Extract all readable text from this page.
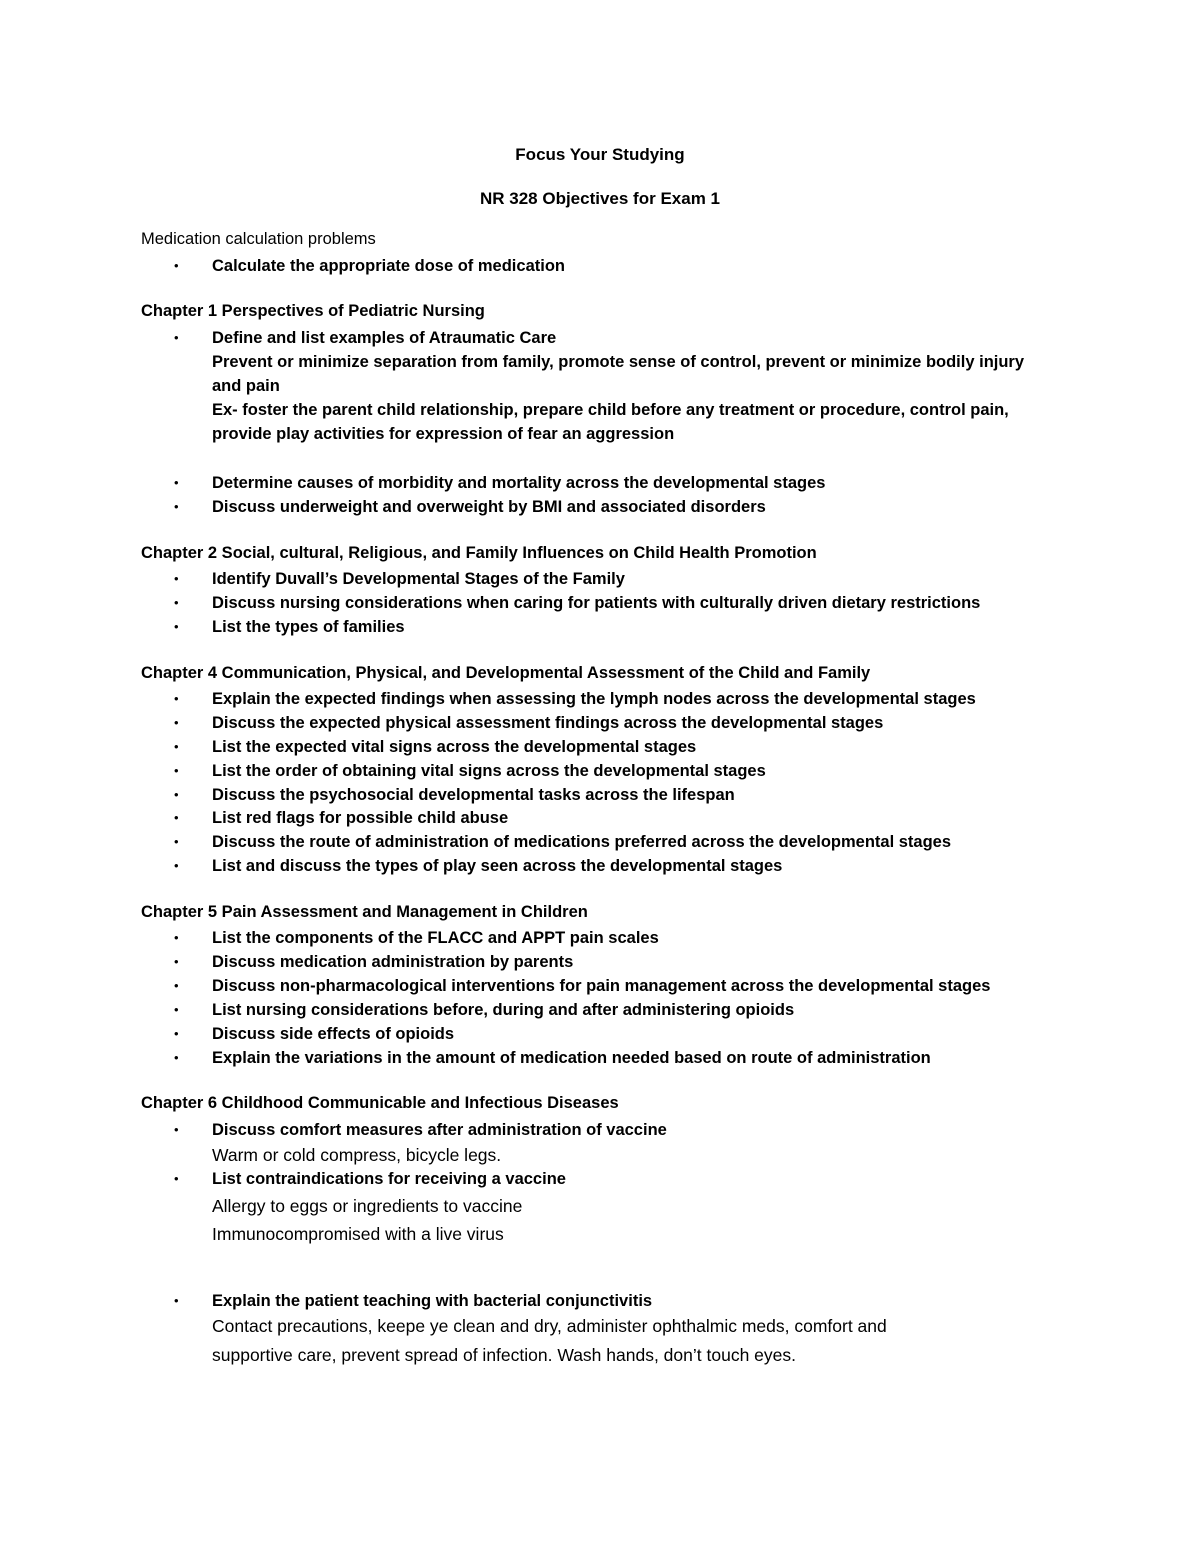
Focus Your Studying
NR 328 Objectives for Exam 1
Medication calculation problems
• Calculate the appropriate dose of medication
Chapter 1 Perspectives of Pediatric Nursing
• Define and list examples of Atraumatic Care
Prevent or minimize separation from family, promote sense of control, prevent or minimize bodily injury
and pain
Ex- foster the parent child relationship, prepare child before any treatment or procedure, control pain,
provide play activities for expression of fear an aggression
• Determine causes of morbidity and mortality across the developmental stages
• Discuss underweight and overweight by BMI and associated disorders
Chapter 2 Social, cultural, Religious, and Family Influences on Child Health Promotion
• Identify Duvall’s Developmental Stages of the Family
• Discuss nursing considerations when caring for patients with culturally driven dietary restrictions
• List the types of families
Chapter 4 Communication, Physical, and Developmental Assessment of the Child and Family
• Explain the expected findings when assessing the lymph nodes across the developmental stages
• Discuss the expected physical assessment findings across the developmental stages
• List the expected vital signs across the developmental stages
• List the order of obtaining vital signs across the developmental stages
• Discuss the psychosocial developmental tasks across the lifespan
• List red flags for possible child abuse
• Discuss the route of administration of medications preferred across the developmental stages
• List and discuss the types of play seen across the developmental stages
Chapter 5 Pain Assessment and Management in Children
• List the components of the FLACC and APPT pain scales
• Discuss medication administration by parents
• Discuss non-pharmacological interventions for pain management across the developmental stages
• List nursing considerations before, during and after administering opioids
• Discuss side effects of opioids
• Explain the variations in the amount of medication needed based on route of administration
Chapter 6 Childhood Communicable and Infectious Diseases
• Discuss comfort measures after administration of vaccine
Warm or cold compress, bicycle legs.
• List contraindications for receiving a vaccine
Allergy to eggs or ingredients to vaccine
Immunocompromised with a live virus
• Explain the patient teaching with bacterial conjunctivitis
Contact precautions, keepe ye clean and dry, administer ophthalmic meds, comfort and
supportive care, prevent spread of infection. Wash hands, don’t touch eyes.
